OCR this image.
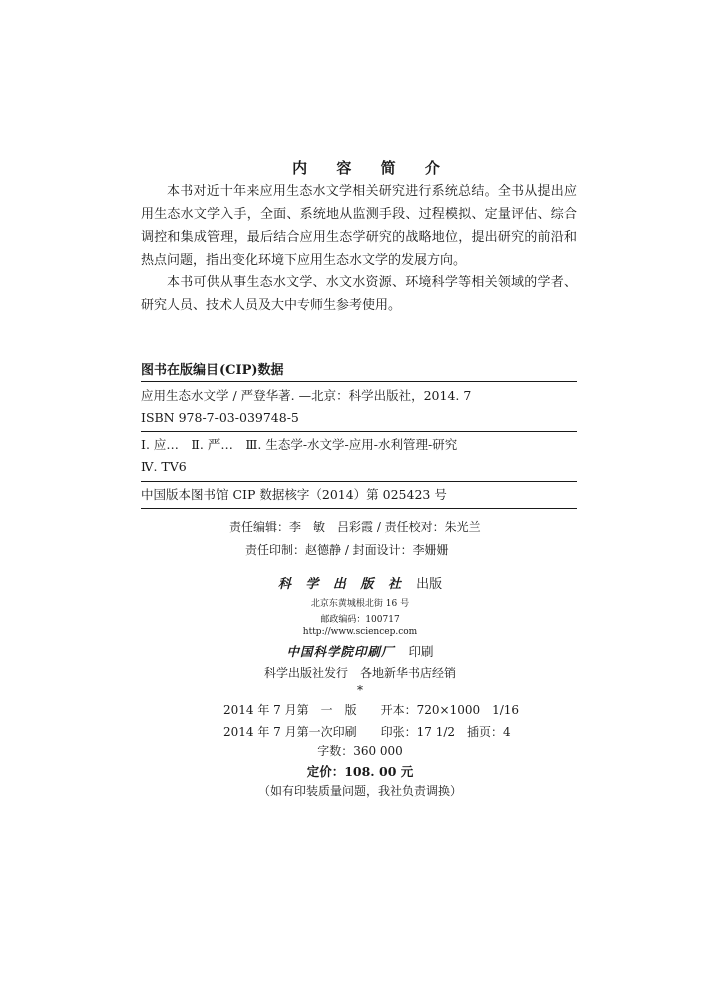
内 容 简 介
本书对近十年来应用生态水文学相关研究进行系统总结。全书从提出应用生态水文学入手，全面、系统地从监测手段、过程模拟、定量评估、综合调控和集成管理，最后结合应用生态学研究的战略地位，提出研究的前沿和热点问题，指出变化环境下应用生态水文学的发展方向。
本书可供从事生态水文学、水文水资源、环境科学等相关领域的学者、研究人员、技术人员及大中专师生参考使用。
图书在版编目(CIP)数据
应用生态水文学 / 严登华著. —北京：科学出版社，2014. 7
ISBN 978-7-03-039748-5
Ⅰ. 应…　Ⅱ. 严…　Ⅲ. 生态学-水文学-应用-水利管理-研究
Ⅳ. TV6
中国版本图书馆 CIP 数据核字（2014）第 025423 号
责任编辑：李　敏　吕彩霞 / 责任校对：朱光兰
责任印制：赵德静 / 封面设计：李姗姗
科 学 出 版 社 出版
北京东黄城根北街 16 号
邮政编码：100717
http://www.sciencep.com
中国科学院印刷厂 印刷
科学出版社发行　各地新华书店经销
*
2014 年 7 月第　一　版　　开本：720×1000　1/16
2014 年 7 月第一次印刷　　印张：17 1/2　插页：4
字数：360 000
定价：108. 00 元
（如有印装质量问题，我社负责调换）
